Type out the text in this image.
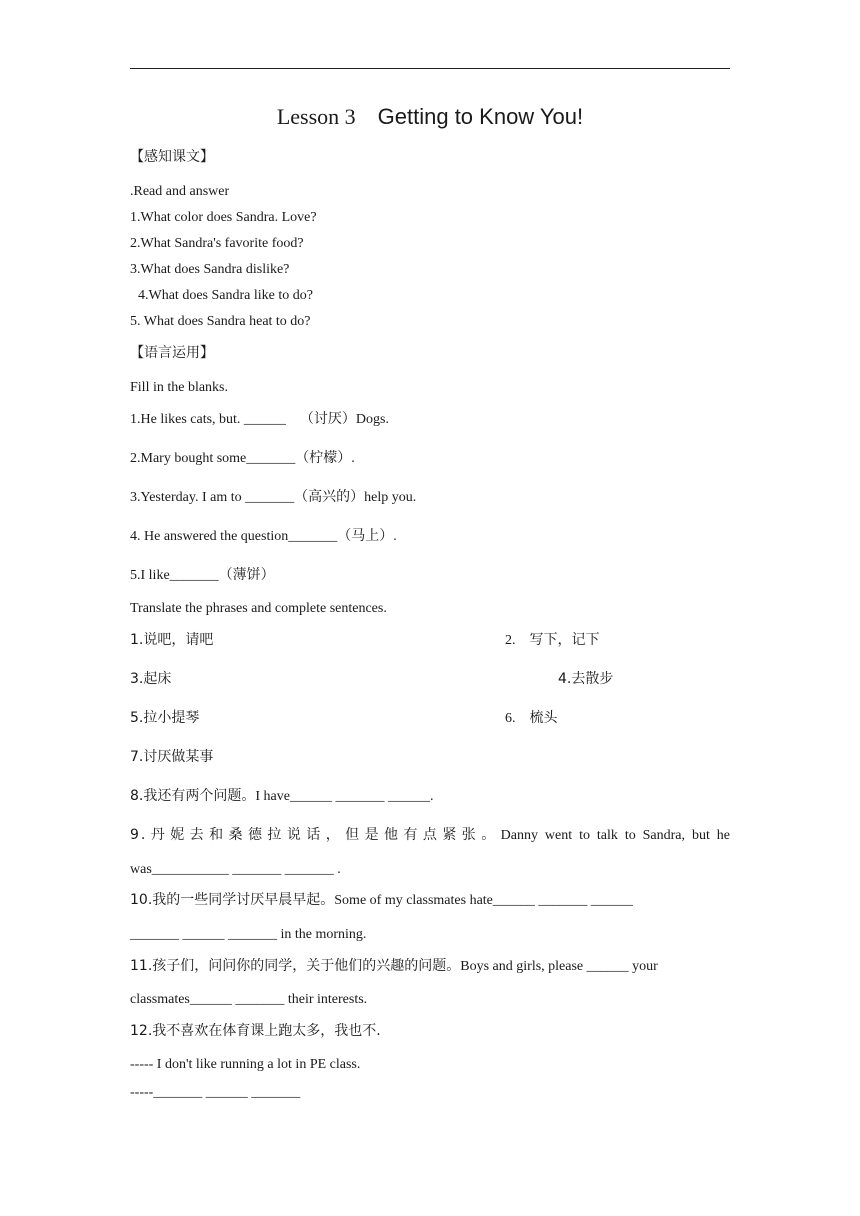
Lesson 3 Getting to Know You!
【感知课文】
.Read and answer
1.What color does Sandra. Love?
2.What Sandra's favorite food?
3.What does Sandra dislike?
4.What does Sandra like to do?
5. What does Sandra heat to do?
【语言运用】
Fill in the blanks.
1.He likes cats, but. ______ （讨厌）Dogs.
2.Mary bought some_______（柠檬）.
3.Yesterday. I am to _______（高兴的）help you.
4. He answered the question_______（马上）.
5.I like_______（薄饼）
Translate the phrases and complete sentences.
1.说吧，请吧	2. 写下，记下
3.起床	4.去散步
5.拉小提琴	6. 梳头
7.讨厌做某事
8.我还有两个问题。I have______ _______ ______.
9.丹妮去和桑德拉说话，但是他有点紧张。Danny went to talk to Sandra, but he
was___________ _______ _______ .
10.我的一些同学讨厌早晨早起。Some of my classmates hate______ _______ ______
_______ ______ _______ in the morning.
11.孩子们，问问你的同学，关于他们的兴趣的问题。Boys and girls, please ______ your
classmates______ _______ their interests.
12.我不喜欢在体育课上跑太多，我也不.
----- I don't like running a lot in PE class.
-----_______ ______ _______
